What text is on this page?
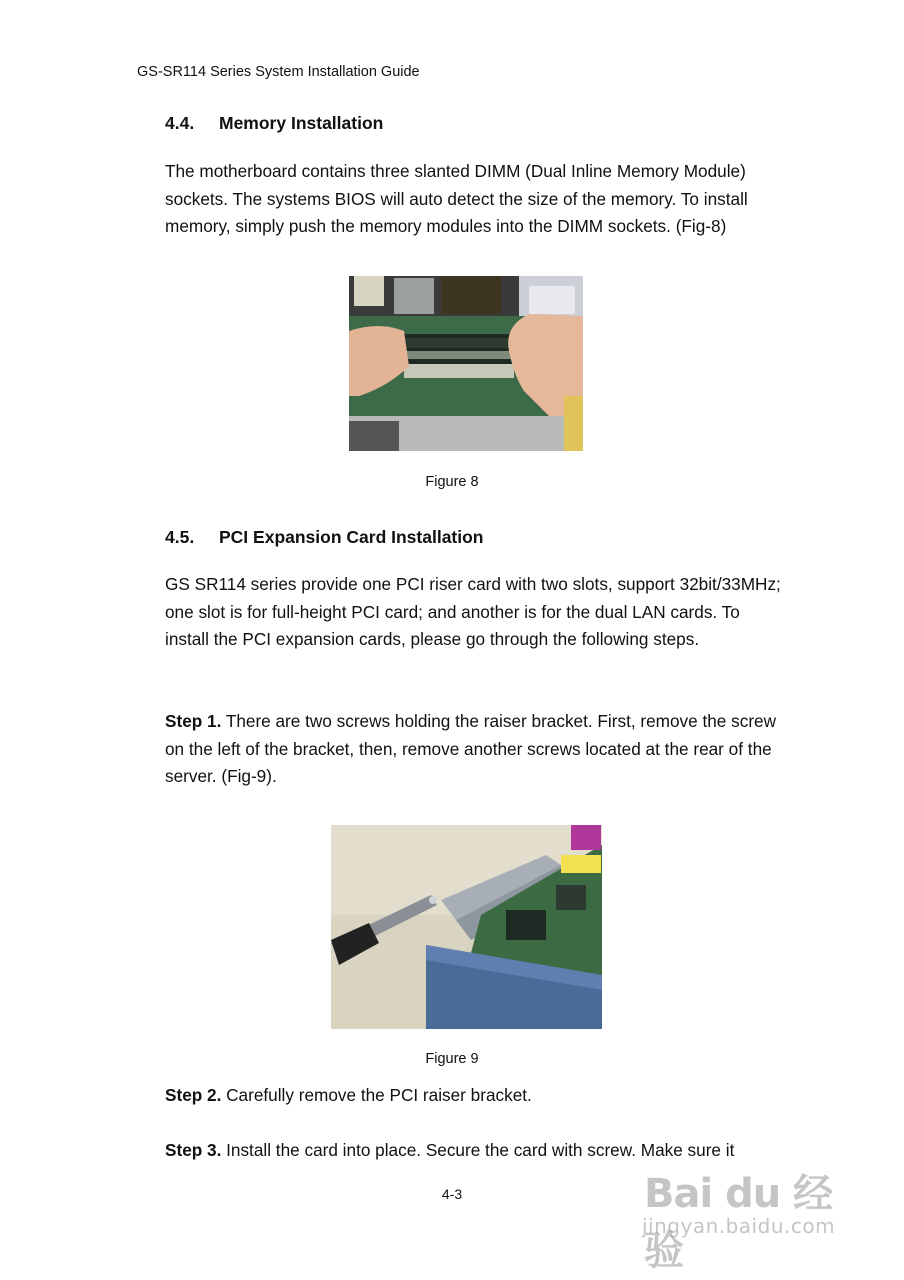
GS-SR114 Series System Installation Guide
4.4. Memory Installation

The motherboard contains three slanted DIMM (Dual Inline Memory Module) sockets. The systems BIOS will auto detect the size of the memory. To install memory, simply push the memory modules into the DIMM sockets. (Fig-8)

Figure 8
4.5. PCI Expansion Card Installation

GS SR114 series provide one PCI riser card with two slots, support 32bit/33MHz; one slot is for full-height PCI card; and another is for the dual LAN cards. To install the PCI expansion cards, please go through the following steps.

Step 1. There are two screws holding the raiser bracket. First, remove the screw on the left of the bracket, then, remove another screws located at the rear of the server. (Fig-9).

Figure 9

Step 2. Carefully remove the PCI raiser bracket.

Step 3. Install the card into place. Secure the card with screw. Make sure it

4-3	Bai du 经验
jingyan.baidu.com
